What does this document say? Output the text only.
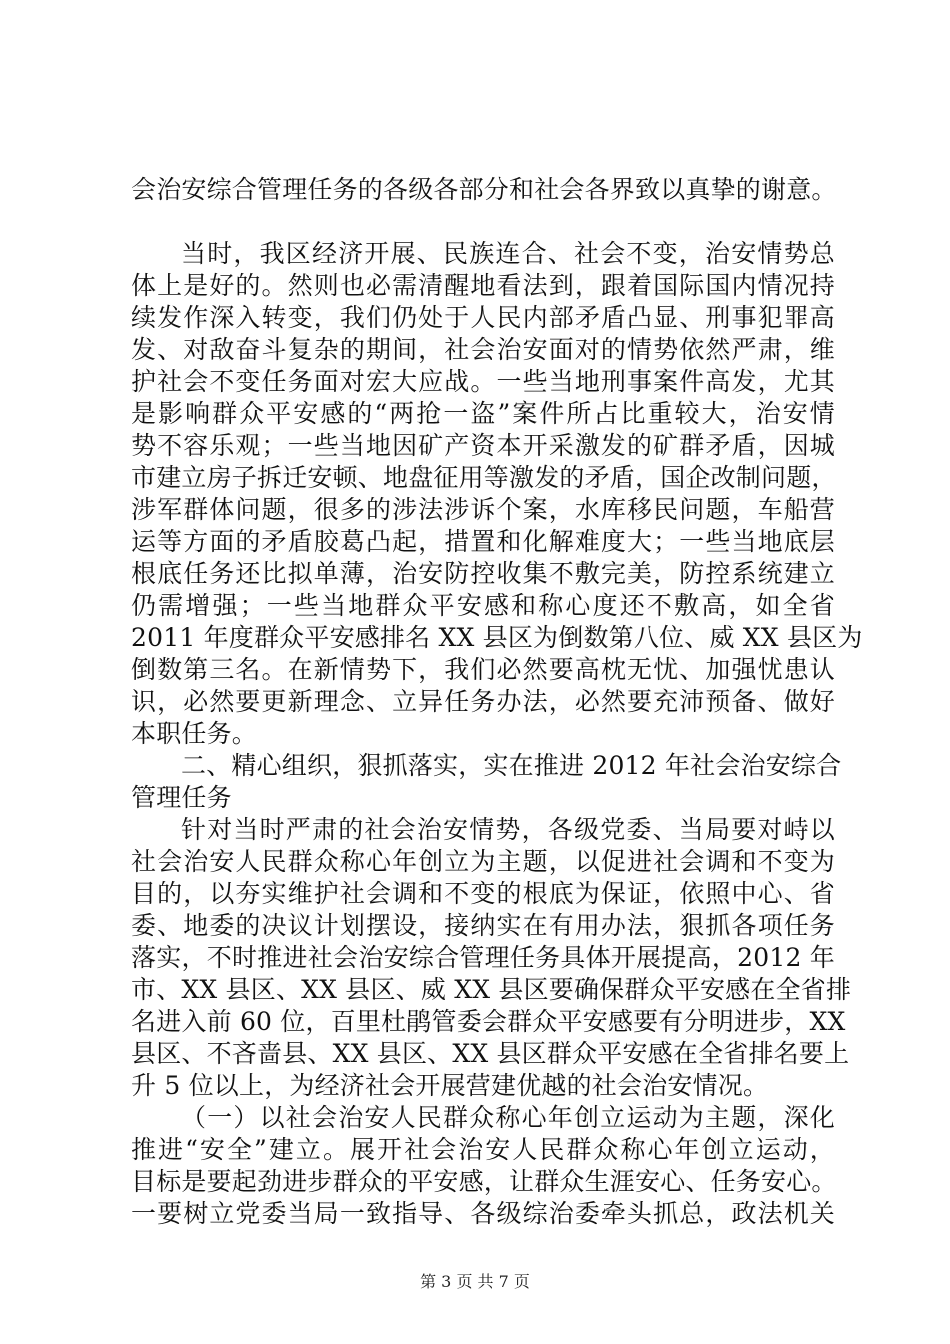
会治安综合管理任务的各级各部分和社会各界致以真挚的谢意。
当时，我区经济开展、民族连合、社会不变，治安情势总
体上是好的。然则也必需清醒地看法到，跟着国际国内情况持
续发作深入转变，我们仍处于人民内部矛盾凸显、刑事犯罪高
发、对敌奋斗复杂的期间，社会治安面对的情势依然严肃，维
护社会不变任务面对宏大应战。一些当地刑事案件高发，尤其
是影响群众平安感的“两抢一盗”案件所占比重较大，治安情
势不容乐观；一些当地因矿产资本开采激发的矿群矛盾，因城
市建立房子拆迁安顿、地盘征用等激发的矛盾，国企改制问题，
涉军群体问题，很多的涉法涉诉个案，水库移民问题，车船营
运等方面的矛盾胶葛凸起，措置和化解难度大；一些当地底层
根底任务还比拟单薄，治安防控收集不敷完美，防控系统建立
仍需增强；一些当地群众平安感和称心度还不敷高，如全省
2011 年度群众平安感排名 XX 县区为倒数第八位、威 XX 县区为
倒数第三名。在新情势下，我们必然要高枕无忧、加强忧患认
识，必然要更新理念、立异任务办法，必然要充沛预备、做好
本职任务。
二、精心组织，狠抓落实，实在推进 2012 年社会治安综合
管理任务
针对当时严肃的社会治安情势，各级党委、当局要对峙以
社会治安人民群众称心年创立为主题，以促进社会调和不变为
目的，以夯实维护社会调和不变的根底为保证，依照中心、省
委、地委的决议计划摆设，接纳实在有用办法，狠抓各项任务
落实，不时推进社会治安综合管理任务具体开展提高，2012 年
市、XX 县区、XX 县区、威 XX 县区要确保群众平安感在全省排
名进入前 60 位，百里杜鹃管委会群众平安感要有分明进步，XX
县区、不吝啬县、XX 县区、XX 县区群众平安感在全省排名要上
升 5 位以上，为经济社会开展营建优越的社会治安情况。
（一）以社会治安人民群众称心年创立运动为主题，深化
推进“安全”建立。展开社会治安人民群众称心年创立运动，
目标是要起劲进步群众的平安感，让群众生涯安心、任务安心。
一要树立党委当局一致指导、各级综治委牵头抓总，政法机关
第 3 页 共 7 页
